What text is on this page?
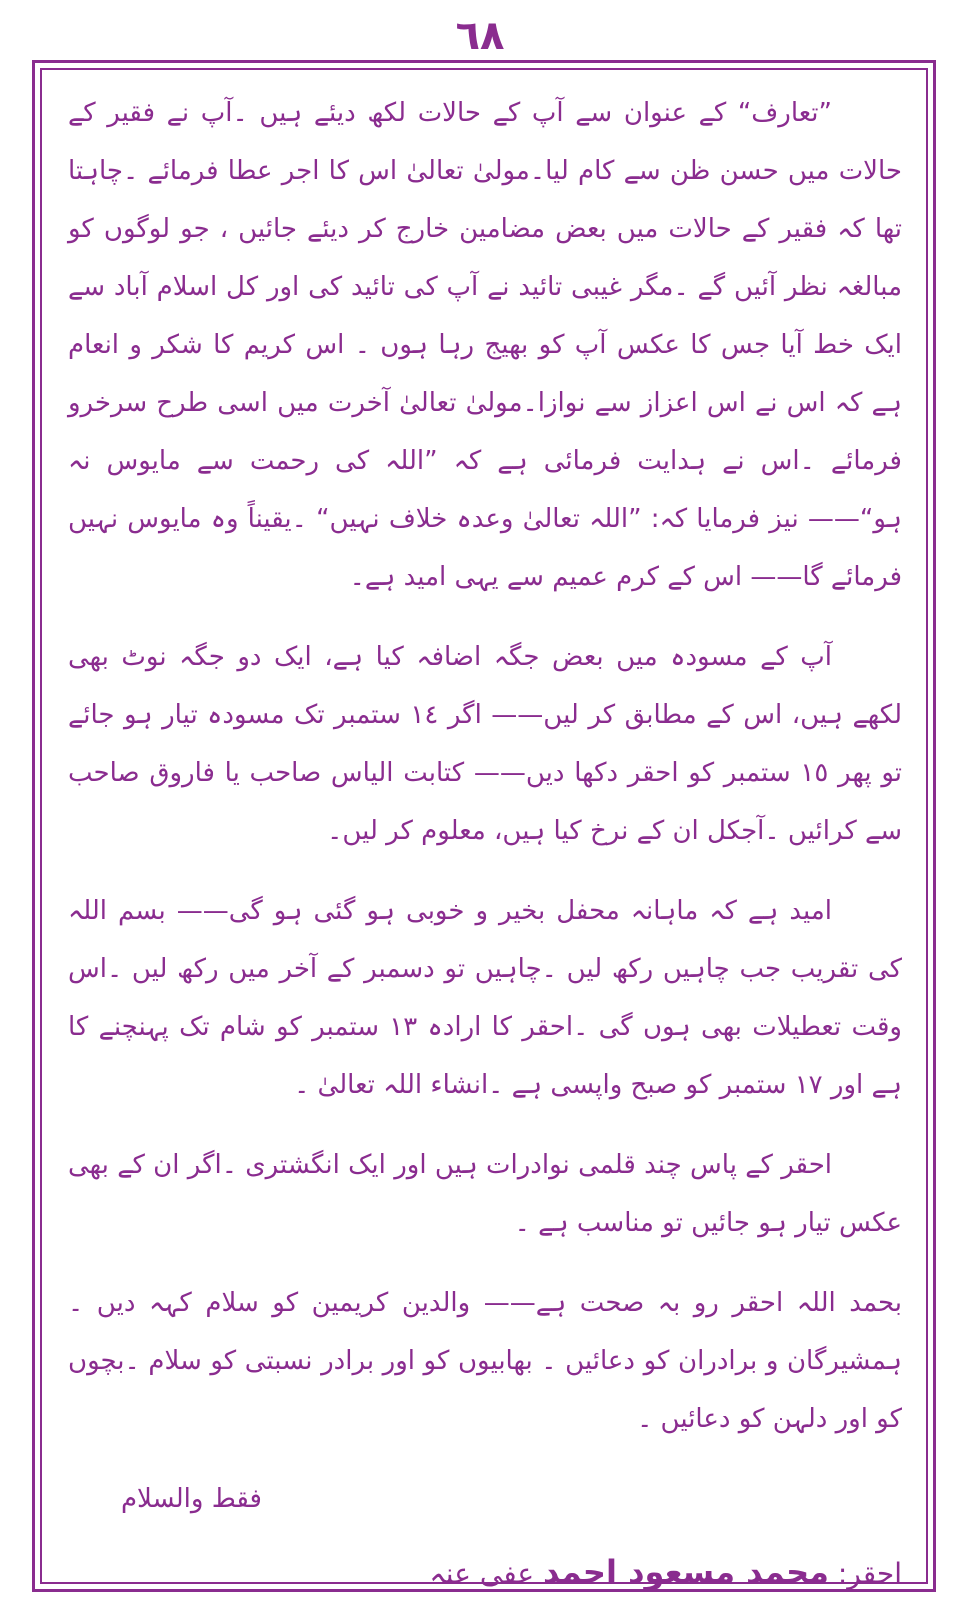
٦٨

”تعارف“ کے عنوان سے آپ کے حالات لکھ دیئے ہیں ۔آپ نے فقیر کے حالات میں حسن ظن سے کام لیا۔مولیٰ تعالیٰ اس کا اجر عطا فرمائے ۔چاہتا تھا کہ فقیر کے حالات میں بعض مضامین خارج کر دیئے جائیں ، جو لوگوں کو مبالغہ نظر آئیں گے ۔مگر غیبی تائید نے آپ کی تائید کی اور کل اسلام آباد سے ایک خط آیا جس کا عکس آپ کو بھیج رہا ہوں ۔ اس کریم کا شکر و انعام ہے کہ اس نے اس اعزاز سے نوازا۔مولیٰ تعالیٰ آخرت میں اسی طرح سرخرو فرمائے ۔اس نے ہدایت فرمائی ہے کہ ”اللہ کی رحمت سے مایوس نہ ہو“—— نیز فرمایا کہ: ”اللہ تعالیٰ وعدہ خلاف نہیں“ ۔یقیناً وہ مایوس نہیں فرمائے گا—— اس کے کرم عمیم سے یہی امید ہے۔

آپ کے مسودہ میں بعض جگہ اضافہ کیا ہے، ایک دو جگہ نوٹ بھی لکھے ہیں، اس کے مطابق کر لیں—— اگر ١٤ ستمبر تک مسودہ تیار ہو جائے تو پھر ١٥ ستمبر کو احقر دکھا دیں—— کتابت الیاس صاحب یا فاروق صاحب سے کرائیں ۔آجکل ان کے نرخ کیا ہیں، معلوم کر لیں۔

امید ہے کہ ماہانہ محفل بخیر و خوبی ہو گئی ہو گی—— بسم اللہ کی تقریب جب چاہیں رکھ لیں ۔چاہیں تو دسمبر کے آخر میں رکھ لیں ۔اس وقت تعطیلات بھی ہوں گی ۔احقر کا ارادہ ١٣ ستمبر کو شام تک پہنچنے کا ہے اور ١٧ ستمبر کو صبح واپسی ہے ۔انشاء اللہ تعالیٰ ۔

احقر کے پاس چند قلمی نوادرات ہیں اور ایک انگشتری ۔اگر ان کے بھی عکس تیار ہو جائیں تو مناسب ہے ۔

بحمد اللہ احقر رو بہ صحت ہے—— والدین کریمین کو سلام کہہ دیں ۔ ہمشیرگان و برادران کو دعائیں ۔ بھابیوں کو اور برادر نسبتی کو سلام ۔بچوں کو اور دلہن کو دعائیں ۔

فقط والسلام
احقر: محمد مسعود احمد عفی عنہ
